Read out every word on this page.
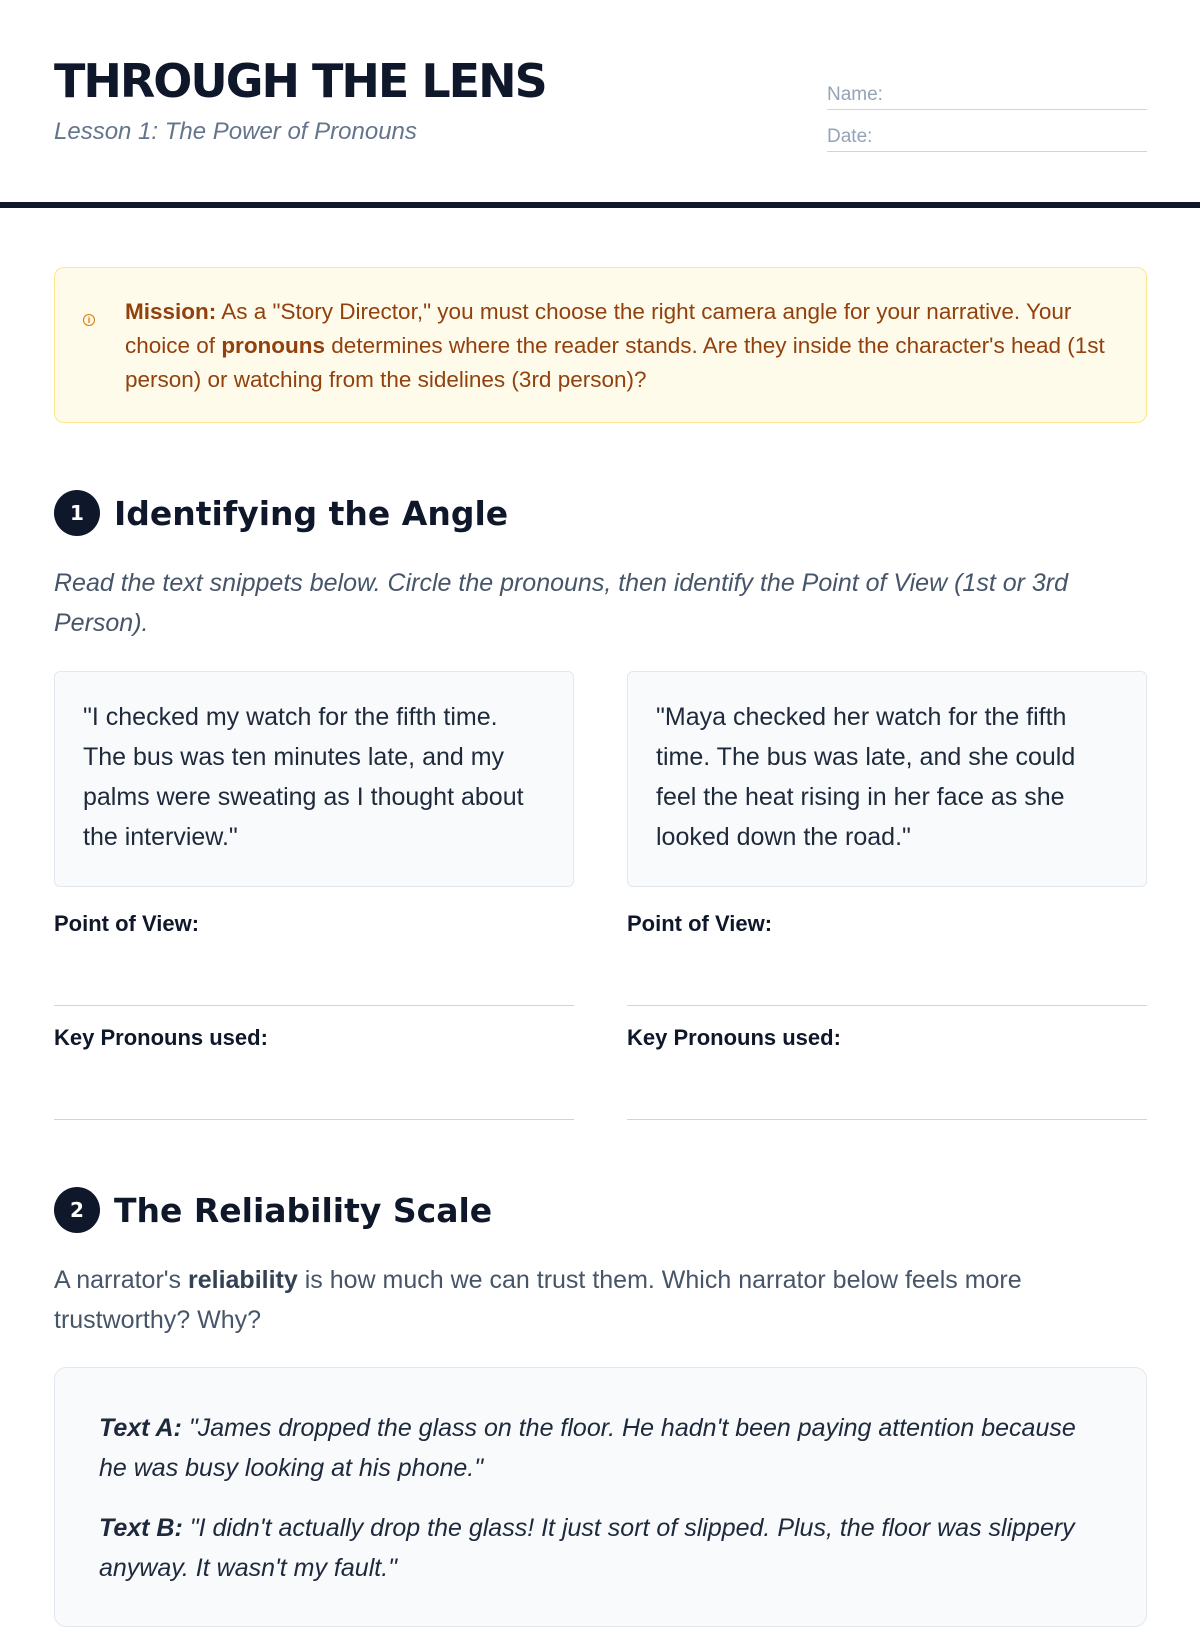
THROUGH THE LENS

Lesson 1: The Power of Pronouns

Name:
Date:
i Mission: As a "Story Director," you must choose the right camera angle for your narrative. Your choice of pronouns determines where the reader stands. Are they inside the character's head (1st person) or watching from the sidelines (3rd person)?
1 Identifying the Angle

Read the text snippets below. Circle the pronouns, then identify the Point of View (1st or 3rd Person).

"I checked my watch for the fifth time. The bus was ten minutes late, and my palms were sweating as I thought about the interview."
"Maya checked her watch for the fifth time. The bus was late, and she could feel the heat rising in her face as she looked down the road."
Point of View:	Point of View:
Key Pronouns used:	Key Pronouns used:
2 The Reliability Scale

A narrator's reliability is how much we can trust them. Which narrator below feels more trustworthy? Why?

Text A: "James dropped the glass on the floor. He hadn't been paying attention because he was busy looking at his phone."

Text B: "I didn't actually drop the glass! It just sort of slipped. Plus, the floor was slippery anyway. It wasn't my fault."
